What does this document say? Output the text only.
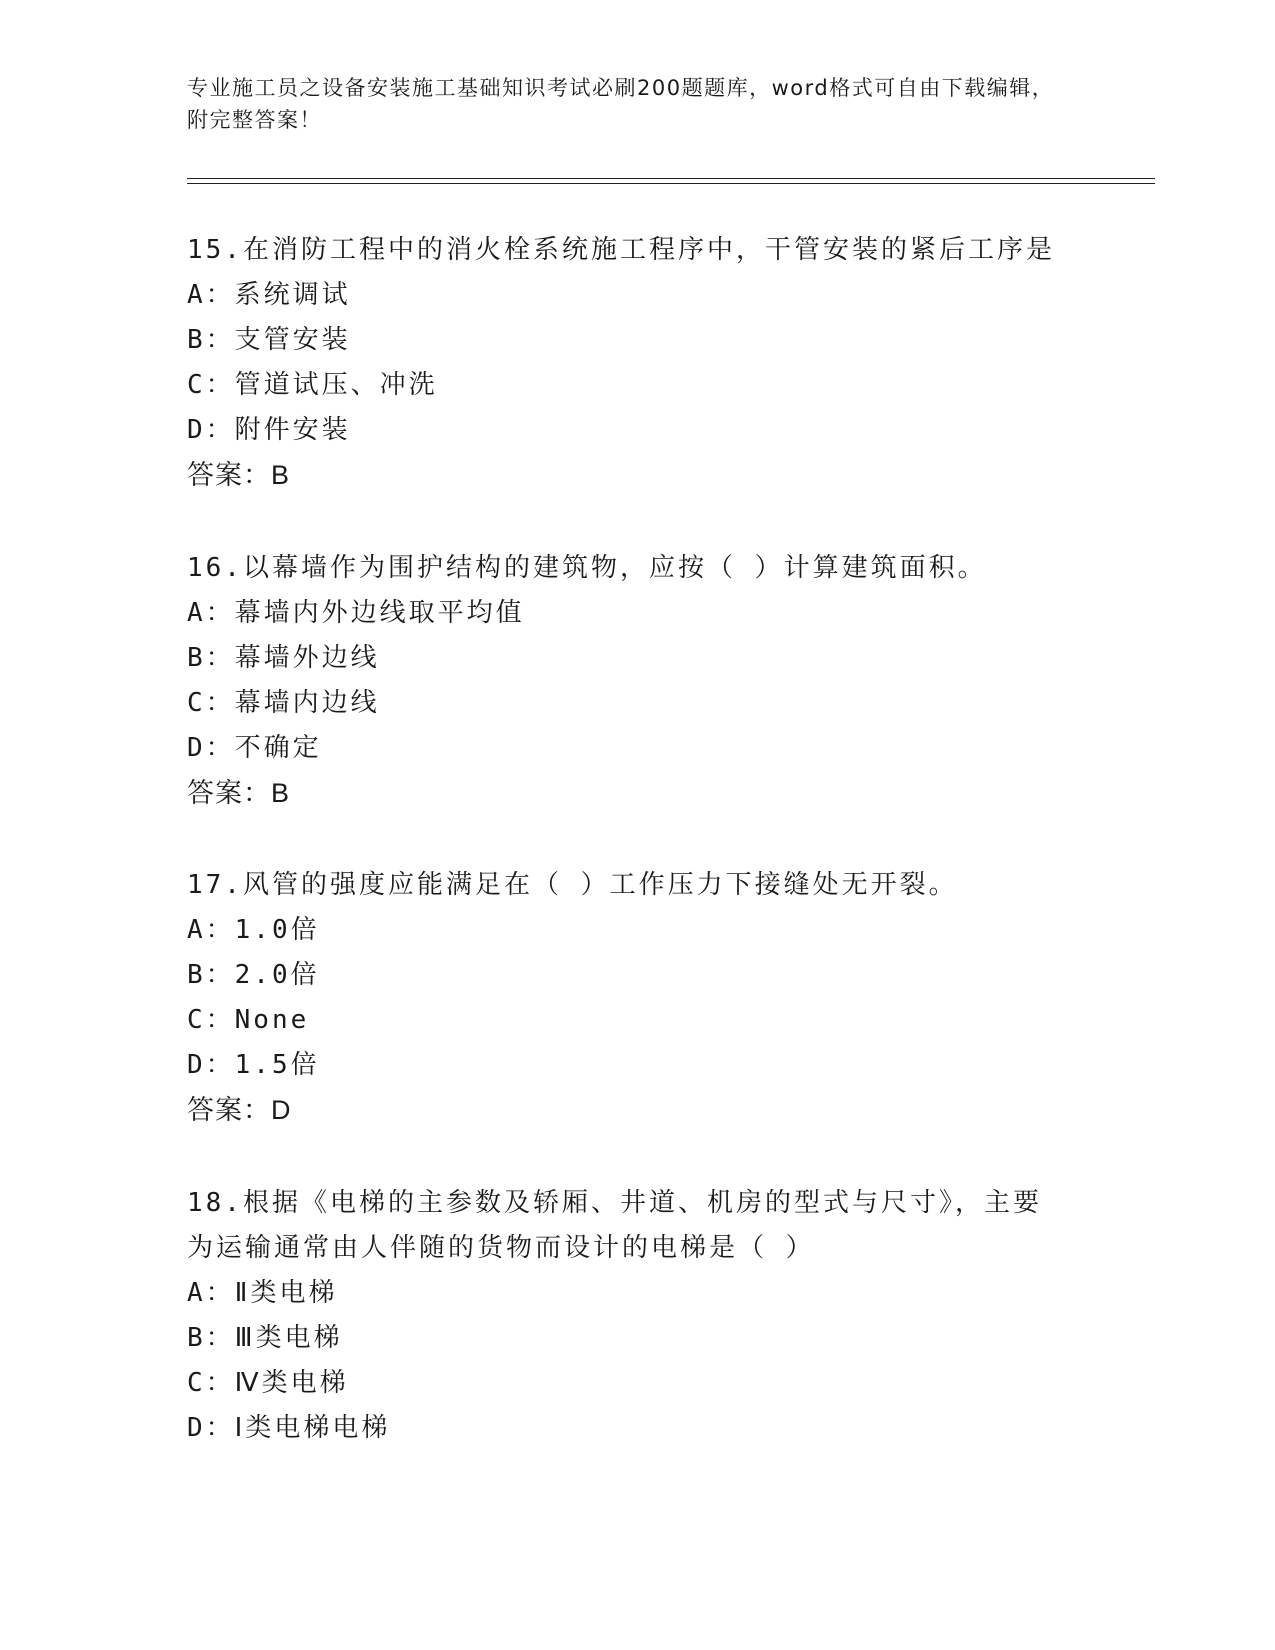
专业施工员之设备安装施工基础知识考试必刷200题题库，word格式可自由下载编辑，附完整答案！
15.在消防工程中的消火栓系统施工程序中，干管安装的紧后工序是
A：系统调试
B：支管安装
C：管道试压、冲洗
D：附件安装
答案：B
16.以幕墙作为围护结构的建筑物，应按（ ）计算建筑面积。
A：幕墙内外边线取平均值
B：幕墙外边线
C：幕墙内边线
D：不确定
答案：B
17.风管的强度应能满足在（ ）工作压力下接缝处无开裂。
A：1.0倍
B：2.0倍
C：None
D：1.5倍
答案：D
18.根据《电梯的主参数及轿厢、井道、机房的型式与尺寸》，主要为运输通常由人伴随的货物而设计的电梯是（ ）
A：Ⅱ类电梯
B：Ⅲ类电梯
C：Ⅳ类电梯
D：Ⅰ类电梯电梯
